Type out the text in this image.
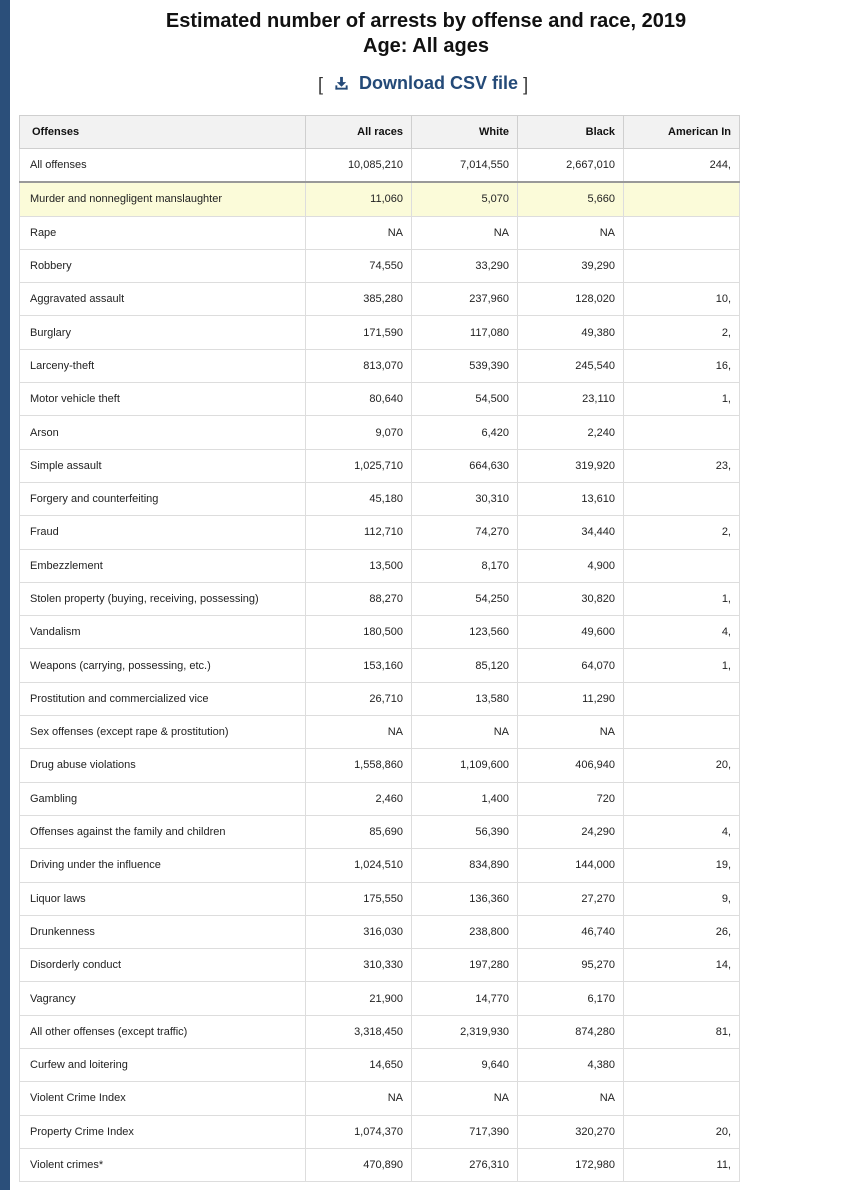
Estimated number of arrests by offense and race, 2019
Age: All ages
[ Download CSV file ]
Offenses	All races	White	Black	American In
All offenses	10,085,210	7,014,550	2,667,010	244,
Murder and nonnegligent manslaughter	11,060	5,070	5,660	
Rape	NA	NA	NA	
Robbery	74,550	33,290	39,290	
Aggravated assault	385,280	237,960	128,020	10,
Burglary	171,590	117,080	49,380	2,
Larceny-theft	813,070	539,390	245,540	16,
Motor vehicle theft	80,640	54,500	23,110	1,
Arson	9,070	6,420	2,240	
Simple assault	1,025,710	664,630	319,920	23,
Forgery and counterfeiting	45,180	30,310	13,610	
Fraud	112,710	74,270	34,440	2,
Embezzlement	13,500	8,170	4,900	
Stolen property (buying, receiving, possessing)	88,270	54,250	30,820	1,
Vandalism	180,500	123,560	49,600	4,
Weapons (carrying, possessing, etc.)	153,160	85,120	64,070	1,
Prostitution and commercialized vice	26,710	13,580	11,290	
Sex offenses (except rape & prostitution)	NA	NA	NA	
Drug abuse violations	1,558,860	1,109,600	406,940	20,
Gambling	2,460	1,400	720	
Offenses against the family and children	85,690	56,390	24,290	4,
Driving under the influence	1,024,510	834,890	144,000	19,
Liquor laws	175,550	136,360	27,270	9,
Drunkenness	316,030	238,800	46,740	26,
Disorderly conduct	310,330	197,280	95,270	14,
Vagrancy	21,900	14,770	6,170	
All other offenses (except traffic)	3,318,450	2,319,930	874,280	81,
Curfew and loitering	14,650	9,640	4,380	
Violent Crime Index	NA	NA	NA	
Property Crime Index	1,074,370	717,390	320,270	20,
Violent crimes*	470,890	276,310	172,980	11,
